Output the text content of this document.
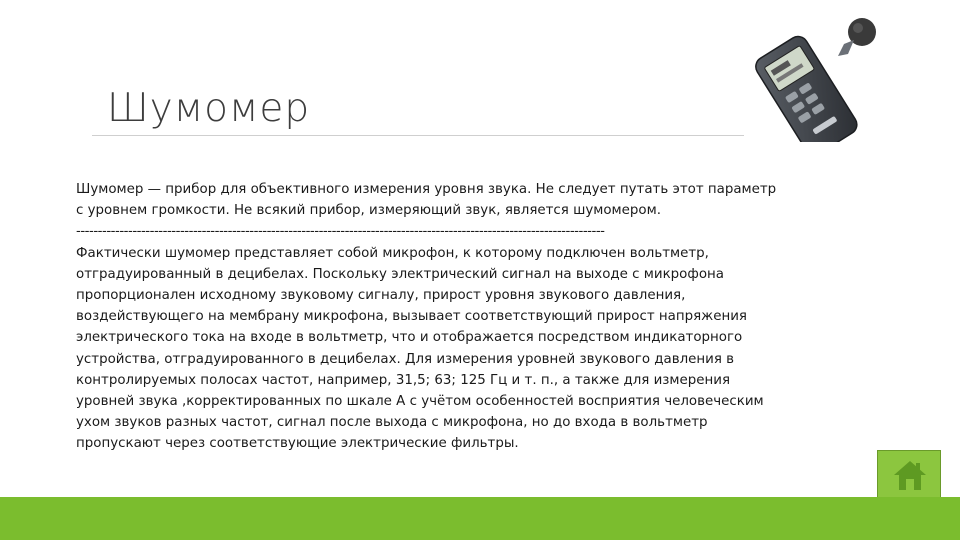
Шумомер

Шумомер — прибор для объективного измерения уровня звука. Не следует путать этот параметр
с уровнем громкости. Не всякий прибор, измеряющий звук, является шумомером.

--------------------------------------------------------------------------------------------------------------------------

Фактически шумомер представляет собой микрофон, к которому подключен вольтметр,
отградуированный в децибелах. Поскольку электрический сигнал на выходе с микрофона
пропорционален исходному звуковому сигналу, прирост уровня звукового давления,
воздействующего на мембрану микрофона, вызывает соответствующий прирост напряжения
электрического тока на входе в вольтметр, что и отображается посредством индикаторного
устройства, отградуированного в децибелах. Для измерения уровней звукового давления в
контролируемых полосах частот, например, 31,5; 63; 125 Гц и т. п., а также для измерения
уровней звука ,корректированных по шкале А с учётом особенностей восприятия человеческим
ухом звуков разных частот, сигнал после выхода с микрофона, но до входа в вольтметр
пропускают через соответствующие электрические фильтры.
